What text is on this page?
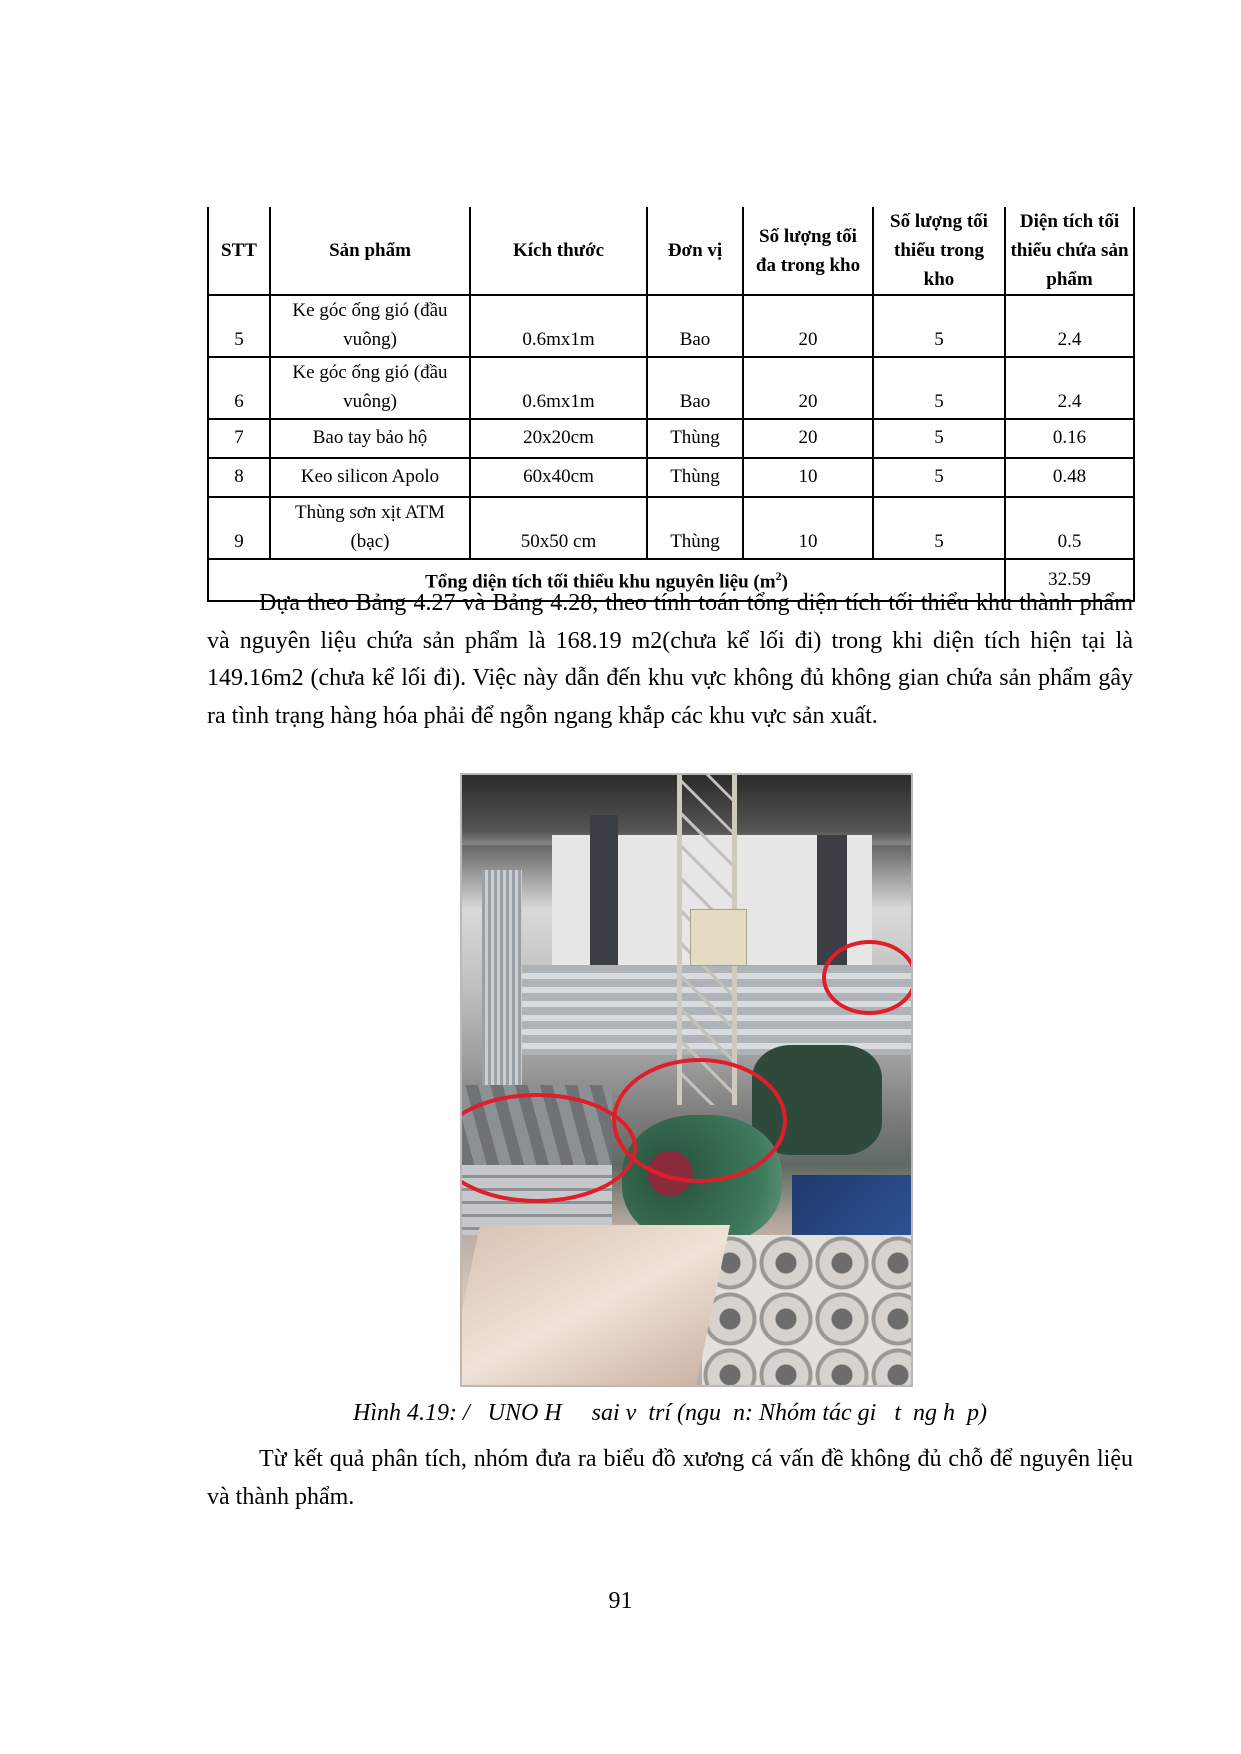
STT	Sản phẩm	Kích thước	Đơn vị	Số lượng tối đa trong kho	Số lượng tối thiểu trong kho	Diện tích tối thiểu chứa sản phẩm
5	Ke góc ống gió (đầu vuông)	0.6mx1m	Bao	20	5	2.4
6	Ke góc ống gió (đầu vuông)	0.6mx1m	Bao	20	5	2.4
7	Bao tay bảo hộ	20x20cm	Thùng	20	5	0.16
8	Keo silicon Apolo	60x40cm	Thùng	10	5	0.48
9	Thùng sơn xịt ATM (bạc)	50x50 cm	Thùng	10	5	0.5
Tổng diện tích tối thiểu khu nguyên liệu $(m^2)$						32.59

Dựa theo Bảng 4.27 và Bảng 4.28, theo tính toán tổng diện tích tối thiểu khu thành phẩm và nguyên liệu chứa sản phẩm là 168.19 m2(chưa kể lối đi) trong khi diện tích hiện tại là 149.16m2 (chưa kể lối đi). Việc này dẫn đến khu vực không đủ không gian chứa sản phẩm gây ra tình trạng hàng hóa phải để ngỗn ngang khắp các khu vực sản xuất.

Hình 4.19: /   UNO H     sai v  trí (ngu  n: Nhóm tác gi   t  ng h  p)

Từ kết quả phân tích, nhóm đưa ra biểu đồ xương cá vấn đề không đủ chỗ để nguyên liệu và thành phẩm.

91
